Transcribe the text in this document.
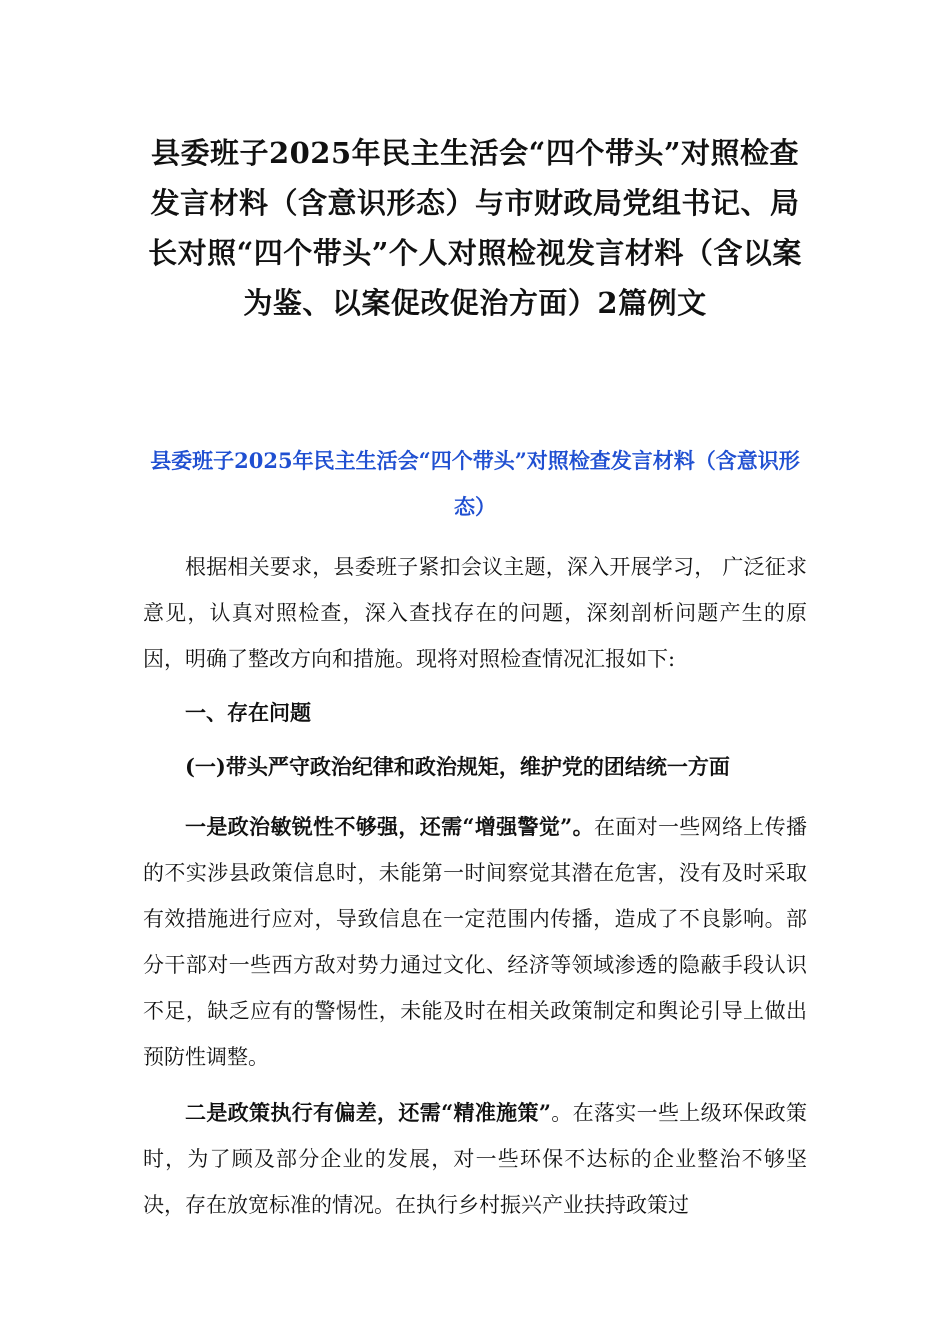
县委班子2025年民主生活会“四个带头”对照检查发言材料（含意识形态）与市财政局党组书记、局长对照“四个带头”个人对照检视发言材料（含以案为鉴、以案促改促治方面）2篇例文
县委班子2025年民主生活会“四个带头”对照检查发言材料（含意识形态）

根据相关要求，县委班子紧扣会议主题，深入开展学习， 广泛征求意见，认真对照检查，深入查找存在的问题，深刻剖析问题产生的原因，明确了整改方向和措施。现将对照检查情况汇报如下:

一、存在问题

(一)带头严守政治纪律和政治规矩，维护党的团结统一方面

一是政治敏锐性不够强，还需“增强警觉”。在面对一些网络上传播的不实涉县政策信息时，未能第一时间察觉其潜在危害，没有及时采取有效措施进行应对，导致信息在一定范围内传播，造成了不良影响。部分干部对一些西方敌对势力通过文化、经济等领域渗透的隐蔽手段认识不足，缺乏应有的警惕性，未能及时在相关政策制定和舆论引导上做出预防性调整。

二是政策执行有偏差，还需“精准施策”。在落实一些上级环保政策时，为了顾及部分企业的发展，对一些环保不达标的企业整治不够坚决，存在放宽标准的情况。在执行乡村振兴产业扶持政策过
